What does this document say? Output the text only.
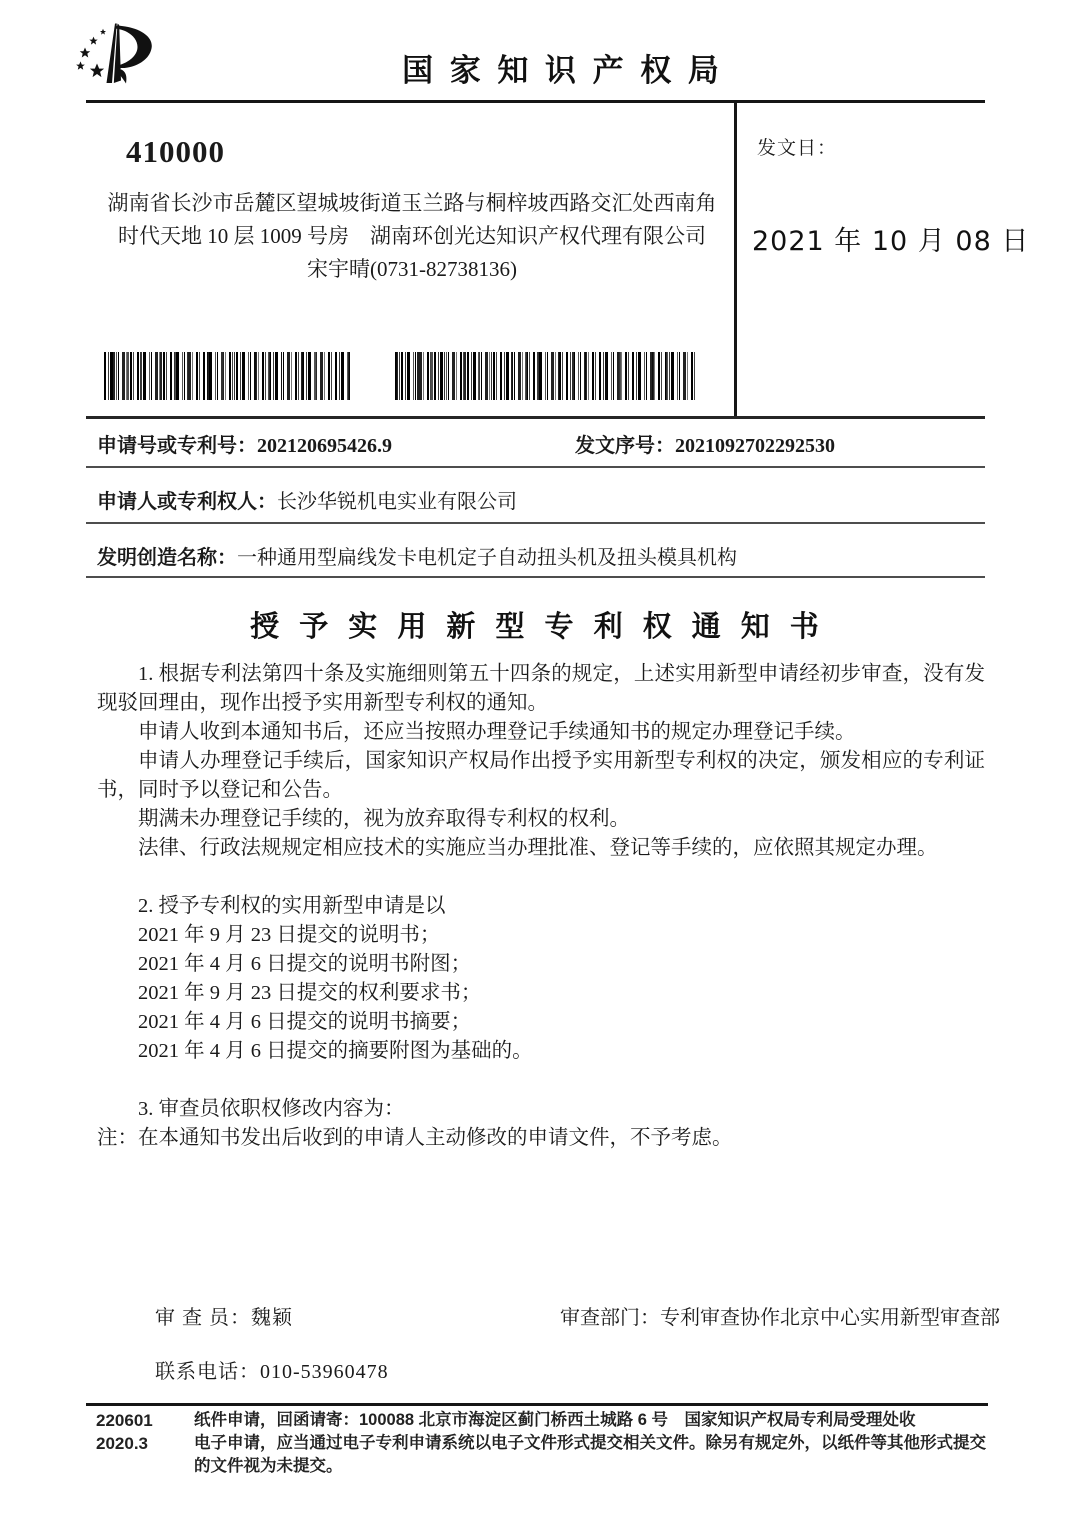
国 家 知 识 产 权 局
410000
湖南省长沙市岳麓区望城坡街道玉兰路与桐梓坡西路交汇处西南角
时代天地 10 层 1009 号房　湖南环创光达知识产权代理有限公司
宋宇晴(0731-82738136)
发文日：
2021 年 10 月 08 日
申请号或专利号：202120695426.9	发文序号：2021092702292530
申请人或专利权人：长沙华锐机电实业有限公司
发明创造名称：一种通用型扁线发卡电机定子自动扭头机及扭头模具机构
授 予 实 用 新 型 专 利 权 通 知 书

1. 根据专利法第四十条及实施细则第五十四条的规定，上述实用新型申请经初步审查，没有发现驳回理由，现作出授予实用新型专利权的通知。

申请人收到本通知书后，还应当按照办理登记手续通知书的规定办理登记手续。

申请人办理登记手续后，国家知识产权局作出授予实用新型专利权的决定，颁发相应的专利证书，同时予以登记和公告。

期满未办理登记手续的，视为放弃取得专利权的权利。

法律、行政法规规定相应技术的实施应当办理批准、登记等手续的，应依照其规定办理。

2. 授予专利权的实用新型申请是以
2021 年 9 月 23 日提交的说明书；
2021 年 4 月 6 日提交的说明书附图；
2021 年 9 月 23 日提交的权利要求书；
2021 年 4 月 6 日提交的说明书摘要；
2021 年 4 月 6 日提交的摘要附图为基础的。
3. 审查员依职权修改内容为：
注：在本通知书发出后收到的申请人主动修改的申请文件，不予考虑。
审 查 员：魏颖	审查部门：专利审查协作北京中心实用新型审查部
联系电话：010-53960478
220601
2020.3
纸件申请，回函请寄：100088 北京市海淀区蓟门桥西土城路 6 号　国家知识产权局专利局受理处收
电子申请，应当通过电子专利申请系统以电子文件形式提交相关文件。除另有规定外，以纸件等其他形式提交的文件视为未提交。
